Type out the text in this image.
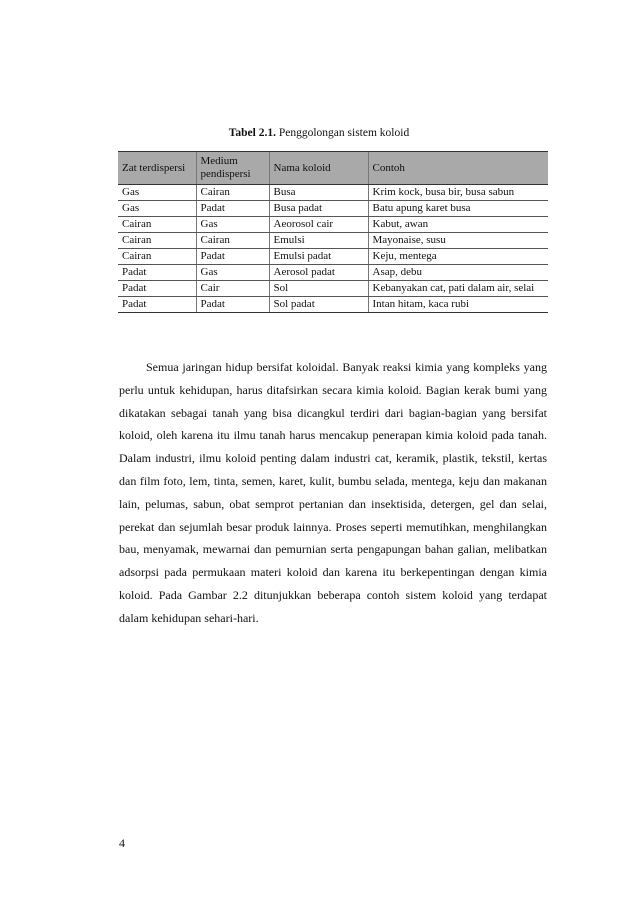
Tabel 2.1. Penggolongan sistem koloid
Zat terdispersi	Medium pendispersi	Nama koloid	Contoh
Gas	Cairan	Busa	Krim kock, busa bir, busa sabun
Gas	Padat	Busa padat	Batu apung karet busa
Cairan	Gas	Aeorosol cair	Kabut, awan
Cairan	Cairan	Emulsi	Mayonaise, susu
Cairan	Padat	Emulsi padat	Keju, mentega
Padat	Gas	Aerosol padat	Asap, debu
Padat	Cair	Sol	Kebanyakan cat, pati dalam air, selai
Padat	Padat	Sol padat	Intan hitam, kaca rubi

Semua jaringan hidup bersifat koloidal. Banyak reaksi kimia yang kompleks yang perlu untuk kehidupan, harus ditafsirkan secara kimia koloid. Bagian kerak bumi yang dikatakan sebagai tanah yang bisa dicangkul terdiri dari bagian-bagian yang bersifat koloid, oleh karena itu ilmu tanah harus mencakup penerapan kimia koloid pada tanah. Dalam industri, ilmu koloid penting dalam industri cat, keramik, plastik, tekstil, kertas dan film foto, lem, tinta, semen, karet, kulit, bumbu selada, mentega, keju dan makanan lain, pelumas, sabun, obat semprot pertanian dan insektisida, detergen, gel dan selai, perekat dan sejumlah besar produk lainnya. Proses seperti memutihkan, menghilangkan bau, menyamak, mewarnai dan pemurnian serta pengapungan bahan galian, melibatkan adsorpsi pada permukaan materi koloid dan karena itu berkepentingan dengan kimia koloid. Pada Gambar 2.2 ditunjukkan beberapa contoh sistem koloid yang terdapat dalam kehidupan sehari-hari.

4
